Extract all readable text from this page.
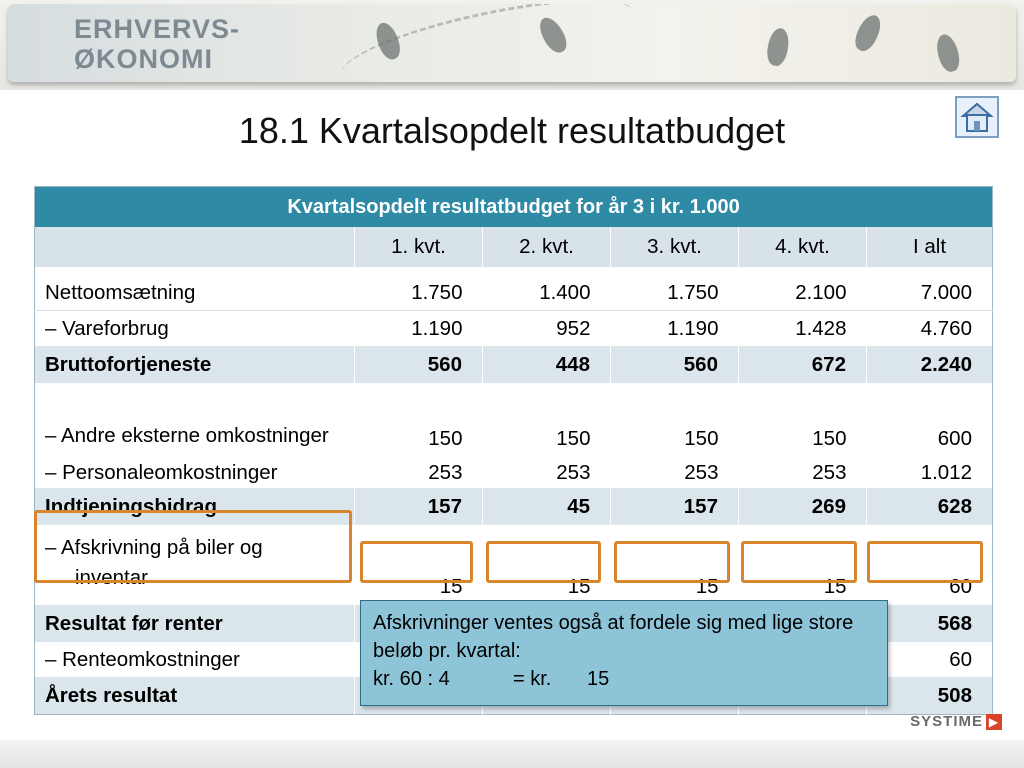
ERHVERVS-
ØKONOMI
18.1 Kvartalsopdelt resultatbudget
Kvartalsopdelt resultatbudget for år 3 i kr. 1.000					
	1. kvt.	2. kvt.	3. kvt.	4. kvt.	I alt
Nettoomsætning	1.750	1.400	1.750	2.100	7.000
– Vareforbrug	1.190	952	1.190	1.428	4.760
Bruttofortjeneste	560	448	560	672	2.240

– Andre eksterne omkostninger	150	150	150	150	600
– Personaleomkostninger	253	253	253	253	1.012
Indtjeningsbidrag	157	45	157	269	628

– Afskrivning på biler og inventar	15	15	15	15	60
Resultat før renter					568
– Renteomkostninger					60
Årets resultat					508
Afskrivninger ventes også at fordele sig med lige store beløb pr. kvartal:
kr. 60 : 4	= kr. 15
SYSTIME ▶
